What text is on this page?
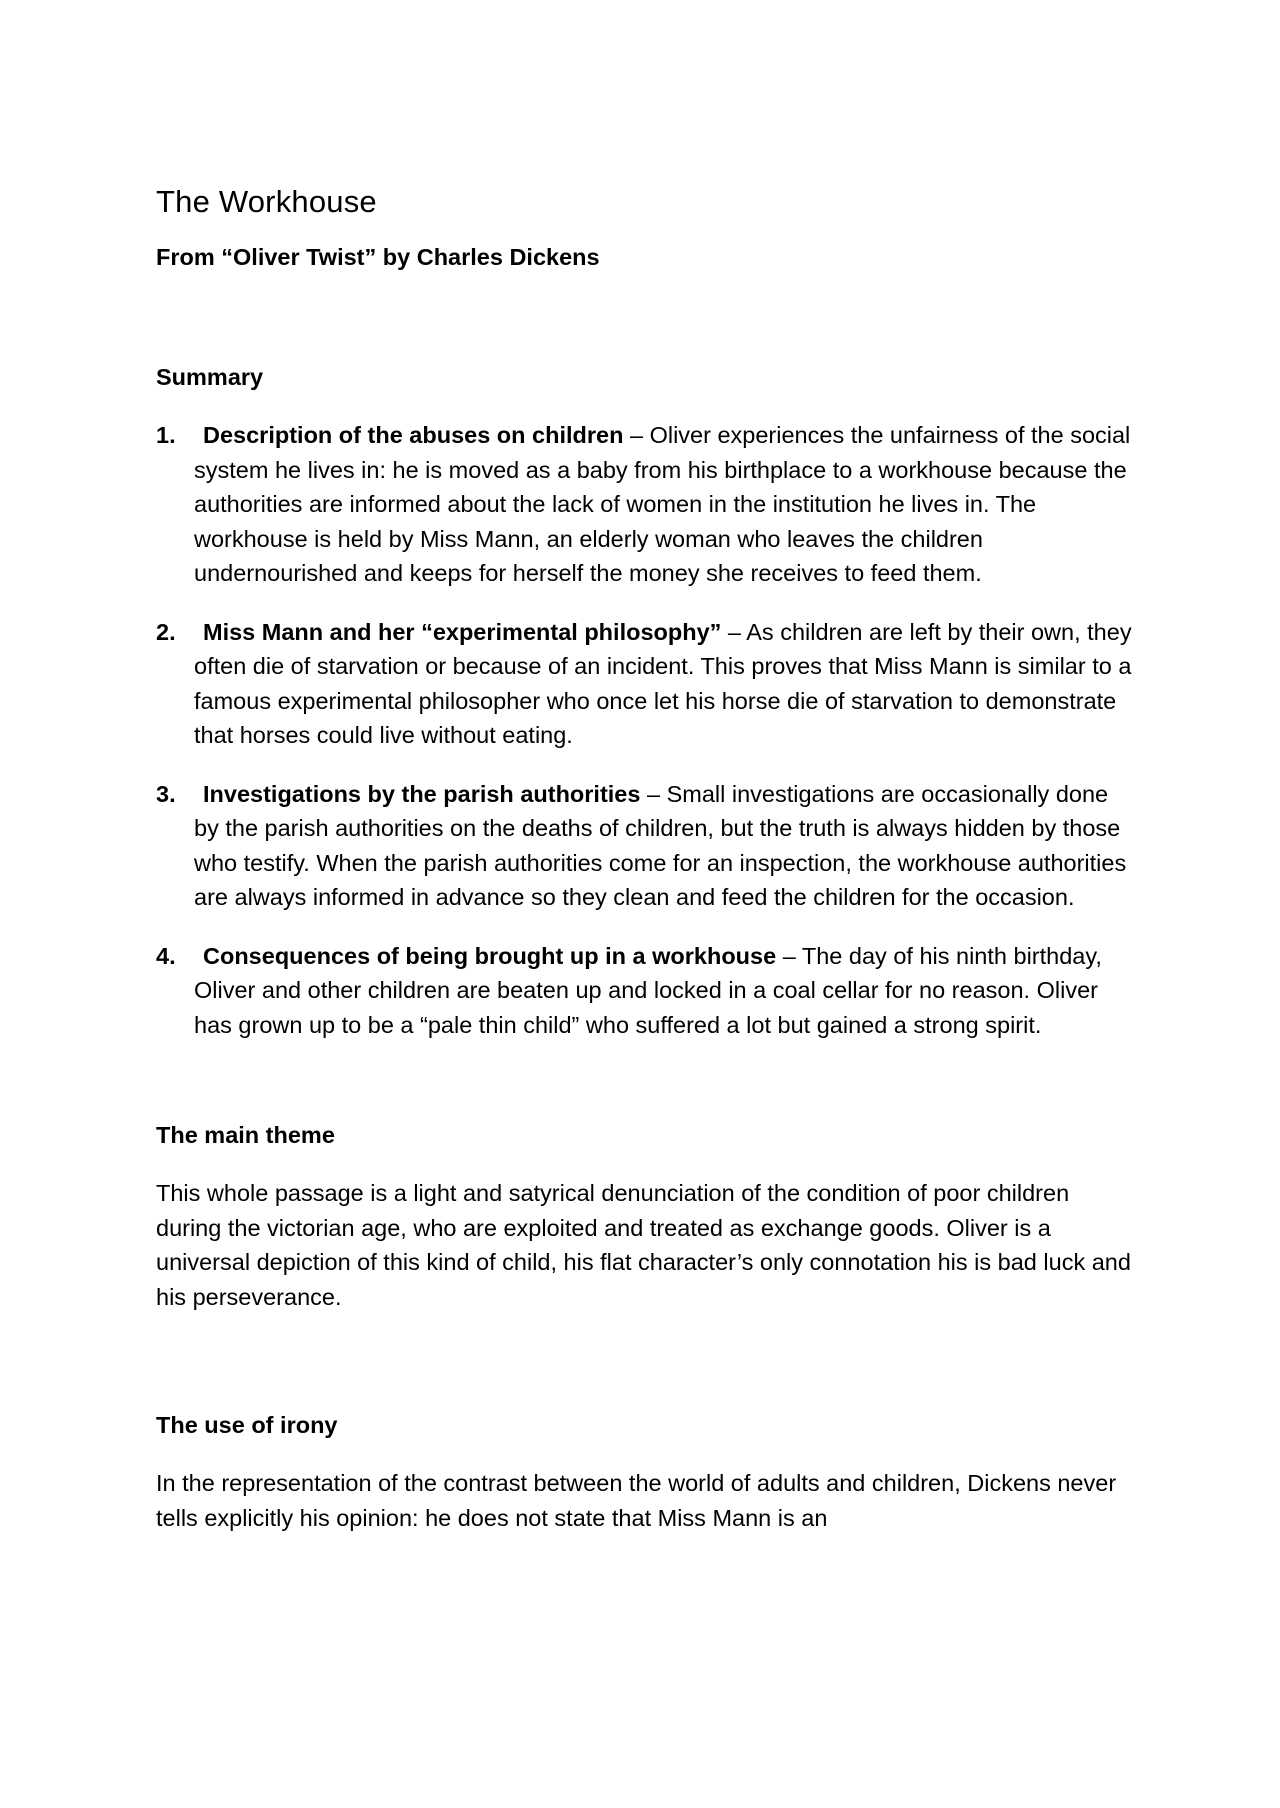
The Workhouse
From “Oliver Twist” by Charles Dickens
Summary
1. Description of the abuses on children – Oliver experiences the unfairness of the social system he lives in: he is moved as a baby from his birthplace to a workhouse because the authorities are informed about the lack of women in the institution he lives in. The workhouse is held by Miss Mann, an elderly woman who leaves the children undernourished and keeps for herself the money she receives to feed them.
2. Miss Mann and her “experimental philosophy” – As children are left by their own, they often die of starvation or because of an incident. This proves that Miss Mann is similar to a famous experimental philosopher who once let his horse die of starvation to demonstrate that horses could live without eating.
3. Investigations by the parish authorities – Small investigations are occasionally done by the parish authorities on the deaths of children, but the truth is always hidden by those who testify. When the parish authorities come for an inspection, the workhouse authorities are always informed in advance so they clean and feed the children for the occasion.
4. Consequences of being brought up in a workhouse – The day of his ninth birthday, Oliver and other children are beaten up and locked in a coal cellar for no reason. Oliver has grown up to be a “pale thin child” who suffered a lot but gained a strong spirit.
The main theme

This whole passage is a light and satyrical denunciation of the condition of poor children during the victorian age, who are exploited and treated as exchange goods. Oliver is a universal depiction of this kind of child, his flat character’s only connotation his is bad luck and his perseverance.

The use of irony

In the representation of the contrast between the world of adults and children, Dickens never tells explicitly his opinion: he does not state that Miss Mann is an
